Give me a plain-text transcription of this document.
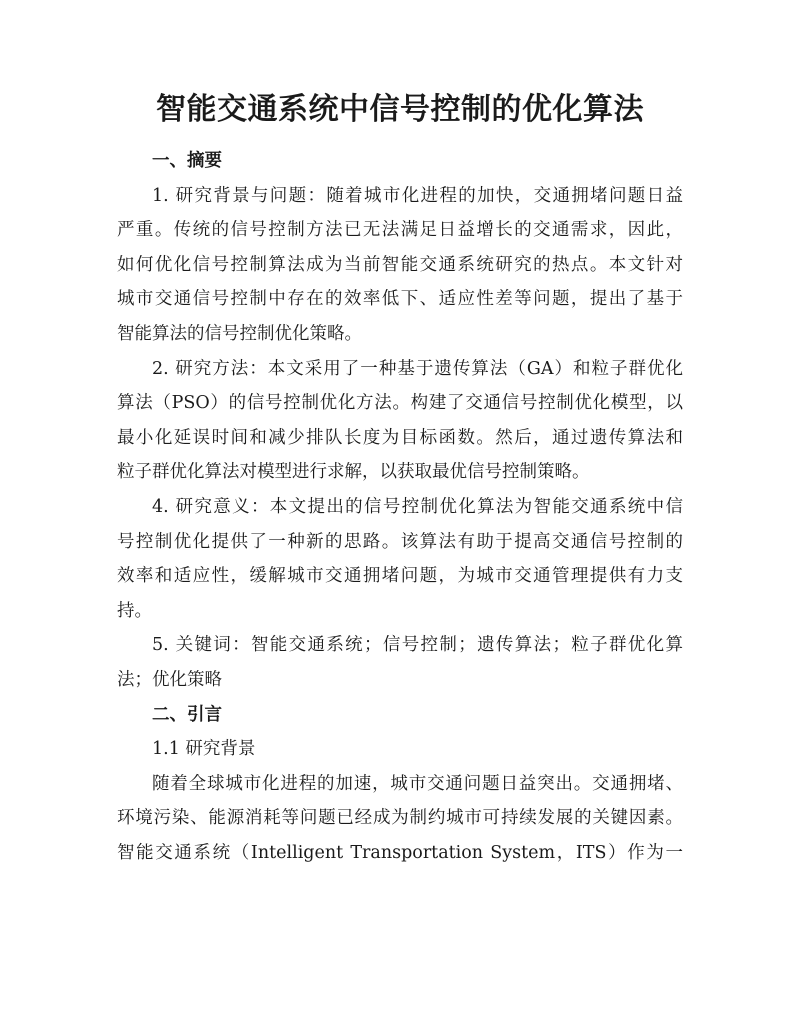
智能交通系统中信号控制的优化算法
一、摘要
1. 研究背景与问题：随着城市化进程的加快，交通拥堵问题日益
严重。传统的信号控制方法已无法满足日益增长的交通需求，因此，
如何优化信号控制算法成为当前智能交通系统研究的热点。本文针对
城市交通信号控制中存在的效率低下、适应性差等问题，提出了基于
智能算法的信号控制优化策略。
2. 研究方法：本文采用了一种基于遗传算法（GA）和粒子群优化
算法（PSO）的信号控制优化方法。构建了交通信号控制优化模型，以
最小化延误时间和减少排队长度为目标函数。然后，通过遗传算法和
粒子群优化算法对模型进行求解，以获取最优信号控制策略。
4. 研究意义：本文提出的信号控制优化算法为智能交通系统中信
号控制优化提供了一种新的思路。该算法有助于提高交通信号控制的
效率和适应性，缓解城市交通拥堵问题，为城市交通管理提供有力支
持。
5. 关键词：智能交通系统；信号控制；遗传算法；粒子群优化算
法；优化策略
二、引言
1.1 研究背景
随着全球城市化进程的加速，城市交通问题日益突出。交通拥堵、
环境污染、能源消耗等问题已经成为制约城市可持续发展的关键因素。
智能交通系统（Intelligent Transportation System，ITS）作为一
